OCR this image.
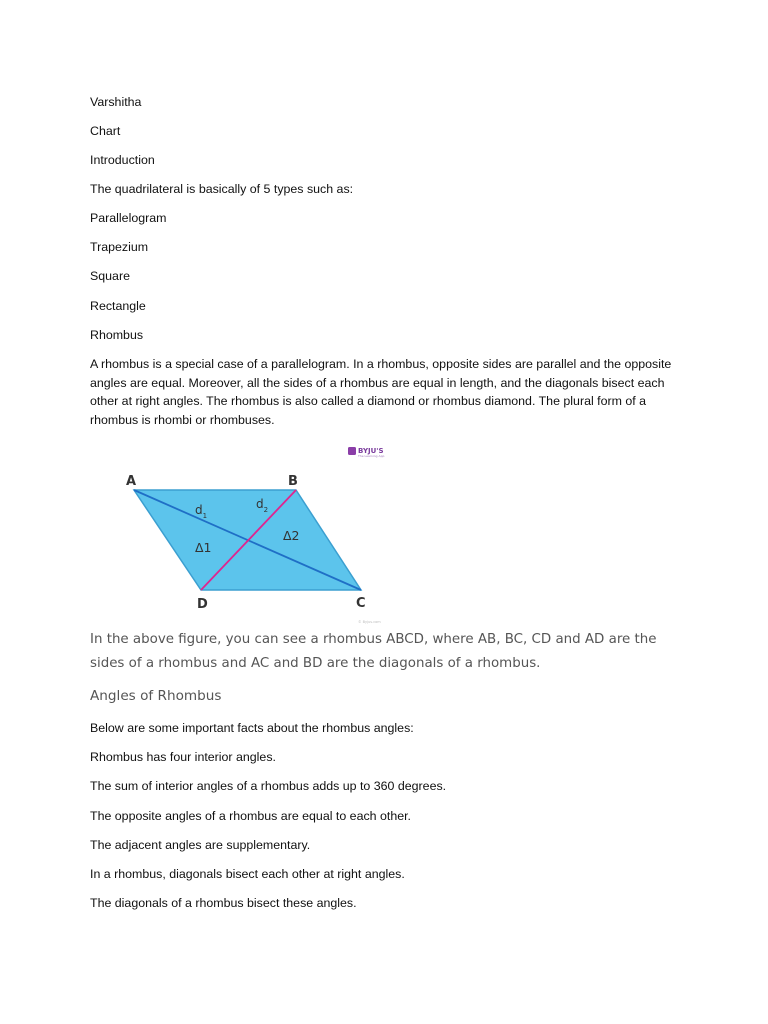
Varshitha

Chart

Introduction

The quadrilateral is basically of 5 types such as:

Parallelogram

Trapezium

Square

Rectangle

Rhombus

A rhombus is a special case of a parallelogram. In a rhombus, opposite sides are parallel and the opposite angles are equal. Moreover, all the sides of a rhombus are equal in length, and the diagonals bisect each other at right angles. The rhombus is also called a diamond or rhombus diamond. The plural form of a rhombus is rhombi or rhombuses.

A	B
C
D
$d_1$
$d_2$
Δ1
Δ2
BYJU'S
The Learning App
© Byjus.com

In the above figure, you can see a rhombus ABCD, where AB, BC, CD and AD are the sides of a rhombus and AC and BD are the diagonals of a rhombus.

Angles of Rhombus

Below are some important facts about the rhombus angles:

Rhombus has four interior angles.

The sum of interior angles of a rhombus adds up to 360 degrees.

The opposite angles of a rhombus are equal to each other.

The adjacent angles are supplementary.

In a rhombus, diagonals bisect each other at right angles.

The diagonals of a rhombus bisect these angles.
